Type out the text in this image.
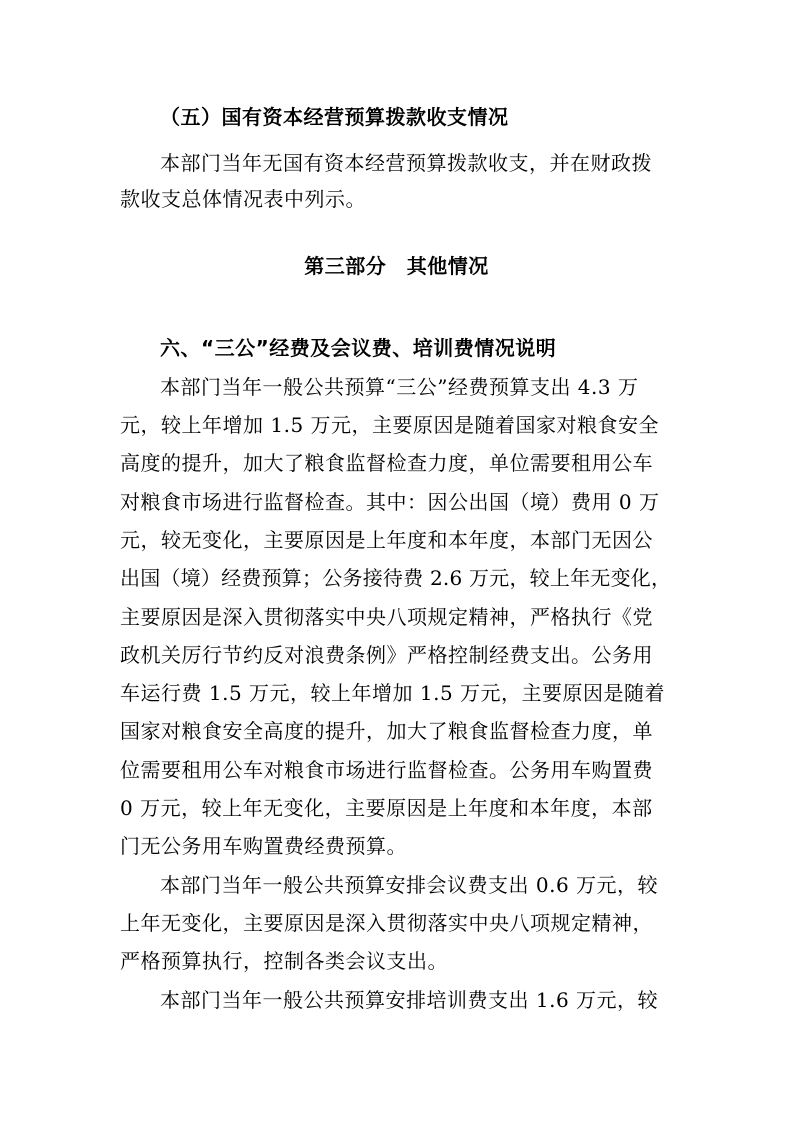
（五）国有资本经营预算拨款收支情况
本部门当年无国有资本经营预算拨款收支，并在财政拨
款收支总体情况表中列示。
第三部分　其他情况
六、“三公”经费及会议费、培训费情况说明
本部门当年一般公共预算“三公”经费预算支出 4.3 万
元，较上年增加 1.5 万元，主要原因是随着国家对粮食安全
高度的提升，加大了粮食监督检查力度，单位需要租用公车
对粮食市场进行监督检查。其中：因公出国（境）费用 0 万
元，较无变化，主要原因是上年度和本年度，本部门无因公
出国（境）经费预算；公务接待费 2.6 万元，较上年无变化，
主要原因是深入贯彻落实中央八项规定精神，严格执行《党
政机关厉行节约反对浪费条例》严格控制经费支出。公务用
车运行费 1.5 万元，较上年增加 1.5 万元，主要原因是随着
国家对粮食安全高度的提升，加大了粮食监督检查力度，单
位需要租用公车对粮食市场进行监督检查。公务用车购置费
0 万元，较上年无变化，主要原因是上年度和本年度，本部
门无公务用车购置费经费预算。
本部门当年一般公共预算安排会议费支出 0.6 万元，较
上年无变化，主要原因是深入贯彻落实中央八项规定精神，
严格预算执行，控制各类会议支出。
本部门当年一般公共预算安排培训费支出 1.6 万元，较
